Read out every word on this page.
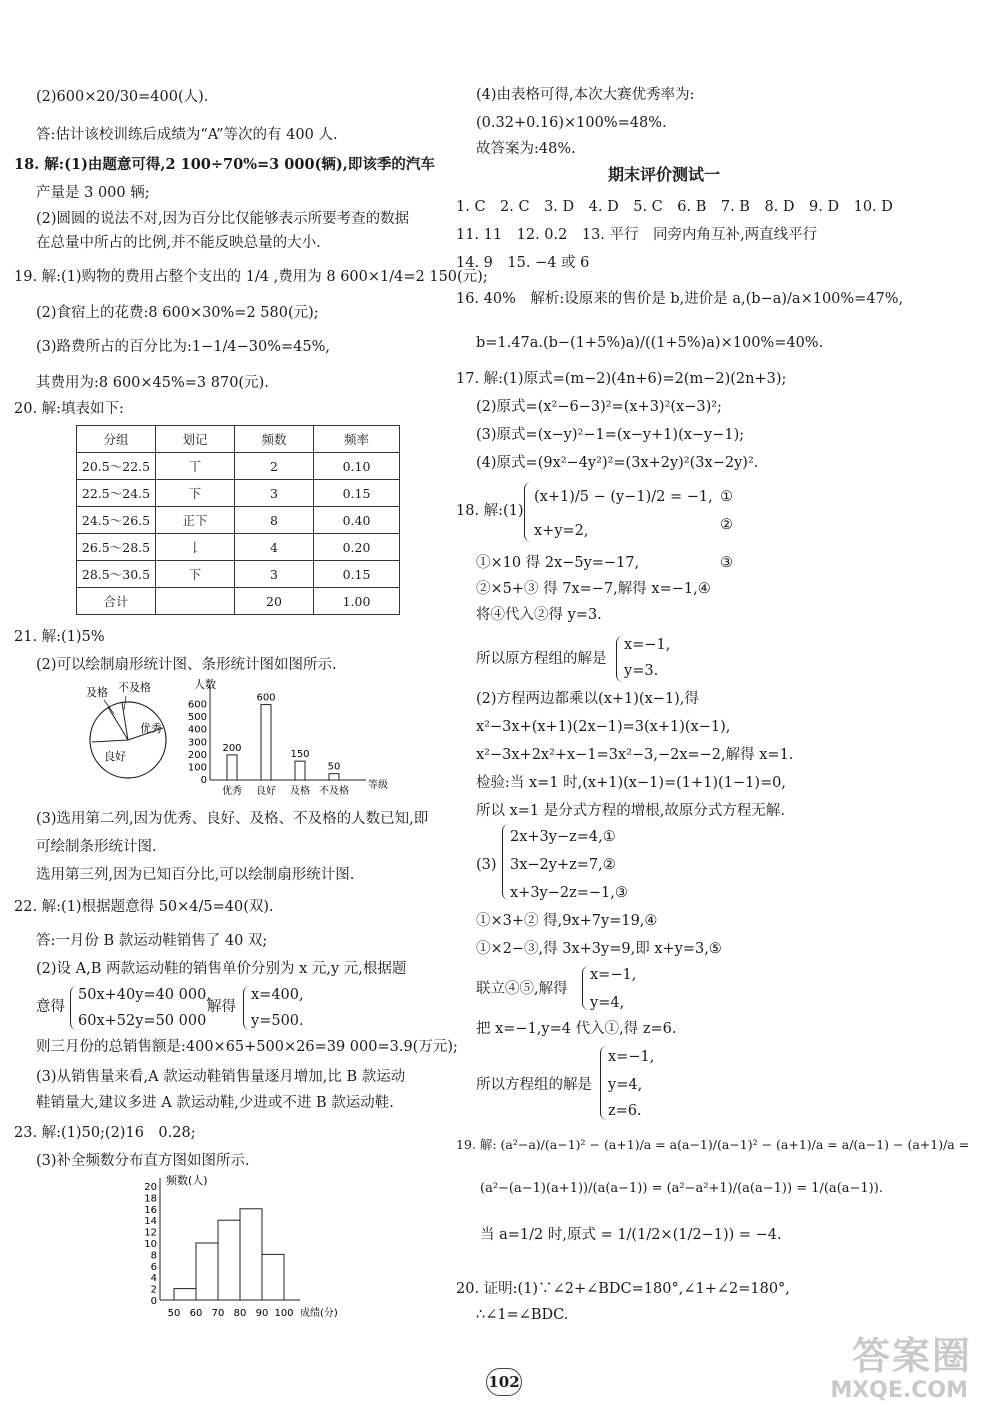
(2)600×20/30=400(人).
答:估计该校训练后成绩为“A”等次的有 400 人.
18. 解:(1)由题意可得,2 100÷70%=3 000(辆),即该季的汽车
产量是 3 000 辆;
(2)圆圆的说法不对,因为百分比仅能够表示所要考查的数据
在总量中所占的比例,并不能反映总量的大小.
19. 解:(1)购物的费用占整个支出的 1/4 ,费用为 8 600×1/4=2 150(元);
(2)食宿上的花费:8 600×30%=2 580(元);
(3)路费所占的百分比为:1−1/4−30%=45%,
其费用为:8 600×45%=3 870(元).
20. 解:填表如下:
分组	划记	频数	频率
20.5～22.5	丅	2	0.10
22.5～24.5	下	3	0.15
24.5～26.5	正下	8	0.40
26.5～28.5	𠄌	4	0.20
28.5～30.5	下	3	0.15
合计		20	1.00
21. 解:(1)5%
(2)可以绘制扇形统计图、条形统计图如图所示.
及格 不及格
优秀
良好
人数
等级
0
100
200
300
400
500
600
200
优秀
600
良好
150
及格
50
不及格
(3)选用第二列,因为优秀、良好、及格、不及格的人数已知,即
可绘制条形统计图.
选用第三列,因为已知百分比,可以绘制扇形统计图.
22. 解:(1)根据题意得 50×4/5=40(双).
答:一月份 B 款运动鞋销售了 40 双;
(2)设 A,B 两款运动鞋的销售单价分别为 x 元,y 元,根据题
意得
50x+40y=40 000,
60x+52y=50 000
解得
x=400,
y=500.
则三月份的总销售额是:400×65+500×26=39 000=3.9(万元);
(3)从销售量来看,A 款运动鞋销售量逐月增加,比 B 款运动
鞋销量大,建议多进 A 款运动鞋,少进或不进 B 款运动鞋.
23. 解:(1)50;(2)16　0.28;
(3)补全频数分布直方图如图所示.
频数(人)
成绩(分)
0
2
4
6
8
10
12
14
16
18
20
50 60 70 80 90 100
(4)由表格可得,本次大赛优秀率为:
(0.32+0.16)×100%=48%.
故答案为:48%.
期末评价测试一
1. C　2. C　3. D　4. D　5. C　6. B　7. B　8. D　9. D　10. D
11. 11　12. 0.2　13. 平行　同旁内角互补,两直线平行
14. 9　15. −4 或 6
16. 40%　解析:设原来的售价是 b,进价是 a,(b−a)/a×100%=47%,
b=1.47a.(b−(1+5%)a)/((1+5%)a)×100%=40%.
17. 解:(1)原式=(m−2)(4n+6)=2(m−2)(2n+3);
(2)原式=(x²−6−3)²=(x+3)²(x−3)²;
(3)原式=(x−y)²−1=(x−y+1)(x−y−1);
(4)原式=(9x²−4y²)²=(3x+2y)²(3x−2y)².
18. 解:(1)
(x+1)/5 − (y−1)/2 = −1,
x+y=2,
①
②
①×10 得 2x−5y=−17,	③
②×5+③ 得 7x=−7,解得 x=−1,④
将④代入②得 y=3.
所以原方程组的解是
x=−1,
y=3.
(2)方程两边都乘以(x+1)(x−1),得
x²−3x+(x+1)(2x−1)=3(x+1)(x−1),
x²−3x+2x²+x−1=3x²−3,−2x=−2,解得 x=1.
检验:当 x=1 时,(x+1)(x−1)=(1+1)(1−1)=0,
所以 x=1 是分式方程的增根,故原分式方程无解.
(3)
2x+3y−z=4,①
3x−2y+z=7,②
x+3y−2z=−1,③
①×3+② 得,9x+7y=19,④
①×2−③,得 3x+3y=9,即 x+y=3,⑤
联立④⑤,解得
x=−1,
y=4,
把 x=−1,y=4 代入①,得 z=6.
所以方程组的解是
x=−1,
y=4,
z=6.
19. 解: (a²−a)/(a−1)² − (a+1)/a = a(a−1)/(a−1)² − (a+1)/a = a/(a−1) − (a+1)/a =
(a²−(a−1)(a+1))/(a(a−1)) = (a²−a²+1)/(a(a−1)) = 1/(a(a−1)).
当 a=1/2 时,原式 = 1/(1/2×(1/2−1)) = −4.
20. 证明:(1)∵∠2+∠BDC=180°,∠1+∠2=180°,
∴∠1=∠BDC.
102
答案圈
MXQE.COM
